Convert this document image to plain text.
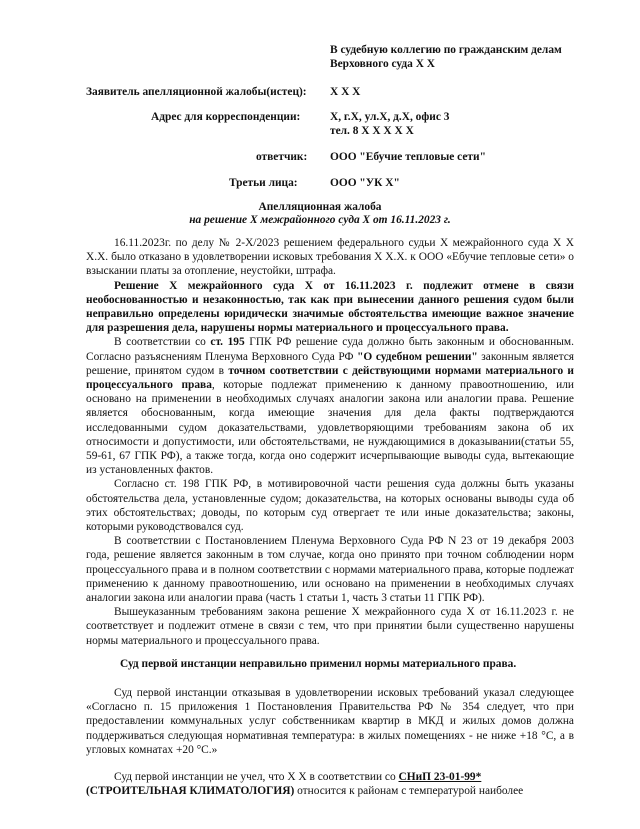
В судебную коллегию по гражданским делам
Верховного суда Х Х
Заявитель апелляционной жалобы(истец): Х Х Х
Адрес для корреспонденции:	Х, г.Х, ул.Х, д.Х, офис 3
тел. 8 Х Х Х Х Х
ответчик: ООО "Ебучие тепловые сети"
Третьи лица:	ООО "УК Х"
Апелляционная жалоба
на решение Х межрайонного суда Х от 16.11.2023 г.

16.11.2023г. по делу № 2-Х/2023 решением федерального судьи Х межрайонного суда Х Х Х.Х. было отказано в удовлетворении исковых требования Х Х.Х. к ООО «Ебучие тепловые сети» о взыскании платы за отопление, неустойки, штрафа.

Решение Х межрайонного суда Х от 16.11.2023 г. подлежит отмене в связи необоснованностью и незаконностью, так как при вынесении данного решения судом были неправильно определены юридически значимые обстоятельства имеющие важное значение для разрешения дела, нарушены нормы материального и процессуального права.

В соответствии со ст. 195 ГПК РФ решение суда должно быть законным и обоснованным. Согласно разъяснениям Пленума Верховного Суда РФ "О судебном решении" законным является решение, принятом судом в точном соответствии с действующими нормами материального и процессуального права, которые подлежат применению к данному правоотношению, или основано на применении в необходимых случаях аналогии закона или аналогии права. Решение является обоснованным, когда имеющие значения для дела факты подтверждаются исследованными судом доказательствами, удовлетворяющими требованиям закона об их относимости и допустимости, или обстоятельствами, не нуждающимися в доказывании(статьи 55, 59-61, 67 ГПК РФ), а также тогда, когда оно содержит исчерпывающие выводы суда, вытекающие из установленных фактов.

Согласно ст. 198 ГПК РФ, в мотивировочной части решения суда должны быть указаны обстоятельства дела, установленные судом; доказательства, на которых основаны выводы суда об этих обстоятельствах; доводы, по которым суд отвергает те или иные доказательства; законы, которыми руководствовался суд.

В соответствии с Постановлением Пленума Верховного Суда РФ N 23 от 19 декабря 2003 года, решение является законным в том случае, когда оно принято при точном соблюдении норм процессуального права и в полном соответствии с нормами материального права, которые подлежат применению к данному правоотношению, или основано на применении в необходимых случаях аналогии закона или аналогии права (часть 1 статьи 1, часть 3 статьи 11 ГПК РФ).

Вышеуказанным требованиям закона решение Х межрайонного суда Х от 16.11.2023 г. не соответствует и подлежит отмене в связи с тем, что при принятии были существенно нарушены нормы материального и процессуального права.

Суд первой инстанции неправильно применил нормы материального права.

Суд первой инстанции отказывая в удовлетворении исковых требований указал следующее «Согласно п. 15 приложения 1 Постановления Правительства РФ № 354 следует, что при предоставлении коммунальных услуг собственникам квартир в МКД и жилых домов должна поддерживаться следующая нормативная температура: в жилых помещениях - не ниже +18 °C, а в угловых комнатах +20 °C.»

Суд первой инстанции не учел, что Х Х в соответствии со СНиП 23-01-99*
(СТРОИТЕЛЬНАЯ КЛИМАТОЛОГИЯ) относится к районам с температурой наиболее
